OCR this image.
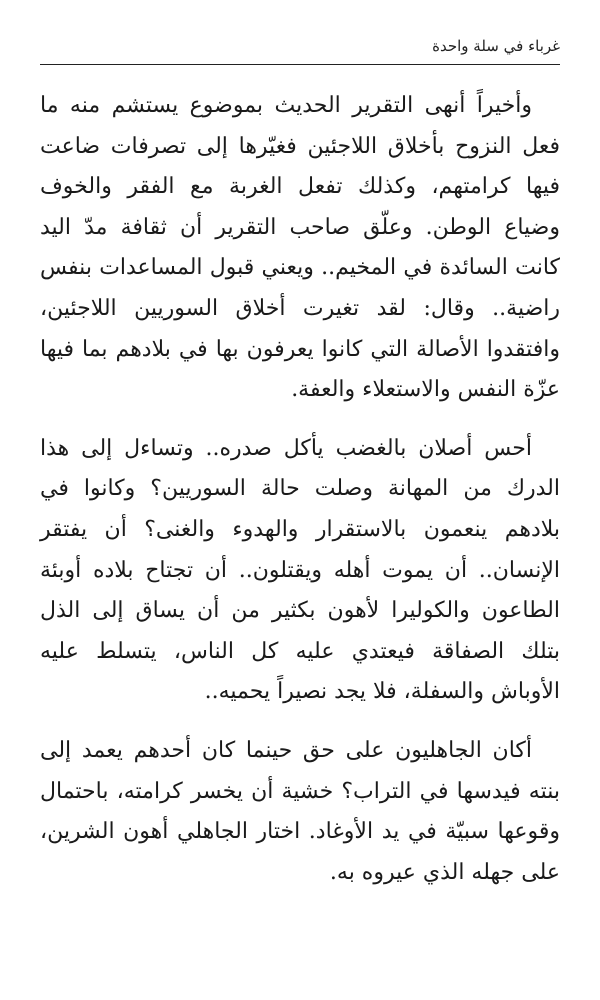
غرباء في سلة واحدة

وأخيراً أنهى التقرير الحديث بموضوع يستشم منه ما فعل النزوح بأخلاق اللاجئين فغيّرها إلى تصرفات ضاعت فيها كرامتهم، وكذلك تفعل الغربة مع الفقر والخوف وضياع الوطن. وعلّق صاحب التقرير أن ثقافة مدّ اليد كانت السائدة في المخيم.. ويعني قبول المساعدات بنفس راضية.. وقال: لقد تغيرت أخلاق السوريين اللاجئين، وافتقدوا الأصالة التي كانوا يعرفون بها في بلادهم بما فيها عزّة النفس والاستعلاء والعفة.

أحس أصلان بالغضب يأكل صدره.. وتساءل إلى هذا الدرك من المهانة وصلت حالة السوريين؟ وكانوا في بلادهم ينعمون بالاستقرار والهدوء والغنى؟ أن يفتقر الإنسان.. أن يموت أهله ويقتلون.. أن تجتاح بلاده أوبئة الطاعون والكوليرا لأهون بكثير من أن يساق إلى الذل بتلك الصفاقة فيعتدي عليه كل الناس، يتسلط عليه الأوباش والسفلة، فلا يجد نصيراً يحميه..

أكان الجاهليون على حق حينما كان أحدهم يعمد إلى بنته فيدسها في التراب؟ خشية أن يخسر كرامته، باحتمال وقوعها سبيّة في يد الأوغاد. اختار الجاهلي أهون الشرين، على جهله الذي عيروه به.
